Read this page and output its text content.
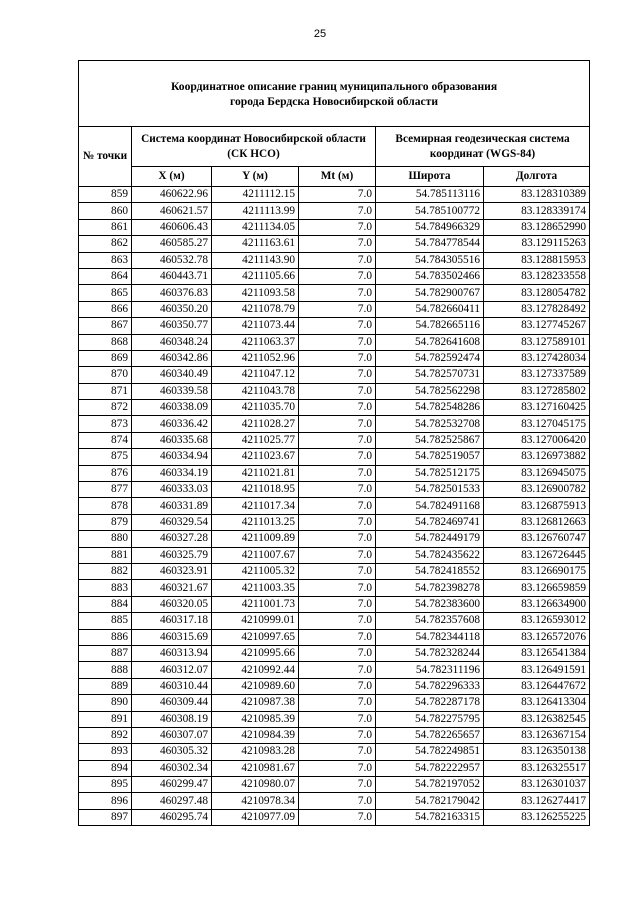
25
Координатное описание границ муниципального образования
города Бердска Новосибирской области					
№ точки	Система координат Новосибирской области (СК НСО)			Всемирная геодезическая система координат (WGS-84)	
	X (м)	Y (м)	Mt (м)	Широта	Долгота
859	460622.96	4211112.15	7.0	54.785113116	83.128310389
860	460621.57	4211113.99	7.0	54.785100772	83.128339174
861	460606.43	4211134.05	7.0	54.784966329	83.128652990
862	460585.27	4211163.61	7.0	54.784778544	83.129115263
863	460532.78	4211143.90	7.0	54.784305516	83.128815953
864	460443.71	4211105.66	7.0	54.783502466	83.128233558
865	460376.83	4211093.58	7.0	54.782900767	83.128054782
866	460350.20	4211078.79	7.0	54.782660411	83.127828492
867	460350.77	4211073.44	7.0	54.782665116	83.127745267
868	460348.24	4211063.37	7.0	54.782641608	83.127589101
869	460342.86	4211052.96	7.0	54.782592474	83.127428034
870	460340.49	4211047.12	7.0	54.782570731	83.127337589
871	460339.58	4211043.78	7.0	54.782562298	83.127285802
872	460338.09	4211035.70	7.0	54.782548286	83.127160425
873	460336.42	4211028.27	7.0	54.782532708	83.127045175
874	460335.68	4211025.77	7.0	54.782525867	83.127006420
875	460334.94	4211023.67	7.0	54.782519057	83.126973882
876	460334.19	4211021.81	7.0	54.782512175	83.126945075
877	460333.03	4211018.95	7.0	54.782501533	83.126900782
878	460331.89	4211017.34	7.0	54.782491168	83.126875913
879	460329.54	4211013.25	7.0	54.782469741	83.126812663
880	460327.28	4211009.89	7.0	54.782449179	83.126760747
881	460325.79	4211007.67	7.0	54.782435622	83.126726445
882	460323.91	4211005.32	7.0	54.782418552	83.126690175
883	460321.67	4211003.35	7.0	54.782398278	83.126659859
884	460320.05	4211001.73	7.0	54.782383600	83.126634900
885	460317.18	4210999.01	7.0	54.782357608	83.126593012
886	460315.69	4210997.65	7.0	54.782344118	83.126572076
887	460313.94	4210995.66	7.0	54.782328244	83.126541384
888	460312.07	4210992.44	7.0	54.782311196	83.126491591
889	460310.44	4210989.60	7.0	54.782296333	83.126447672
890	460309.44	4210987.38	7.0	54.782287178	83.126413304
891	460308.19	4210985.39	7.0	54.782275795	83.126382545
892	460307.07	4210984.39	7.0	54.782265657	83.126367154
893	460305.32	4210983.28	7.0	54.782249851	83.126350138
894	460302.34	4210981.67	7.0	54.782222957	83.126325517
895	460299.47	4210980.07	7.0	54.782197052	83.126301037
896	460297.48	4210978.34	7.0	54.782179042	83.126274417
897	460295.74	4210977.09	7.0	54.782163315	83.126255225
